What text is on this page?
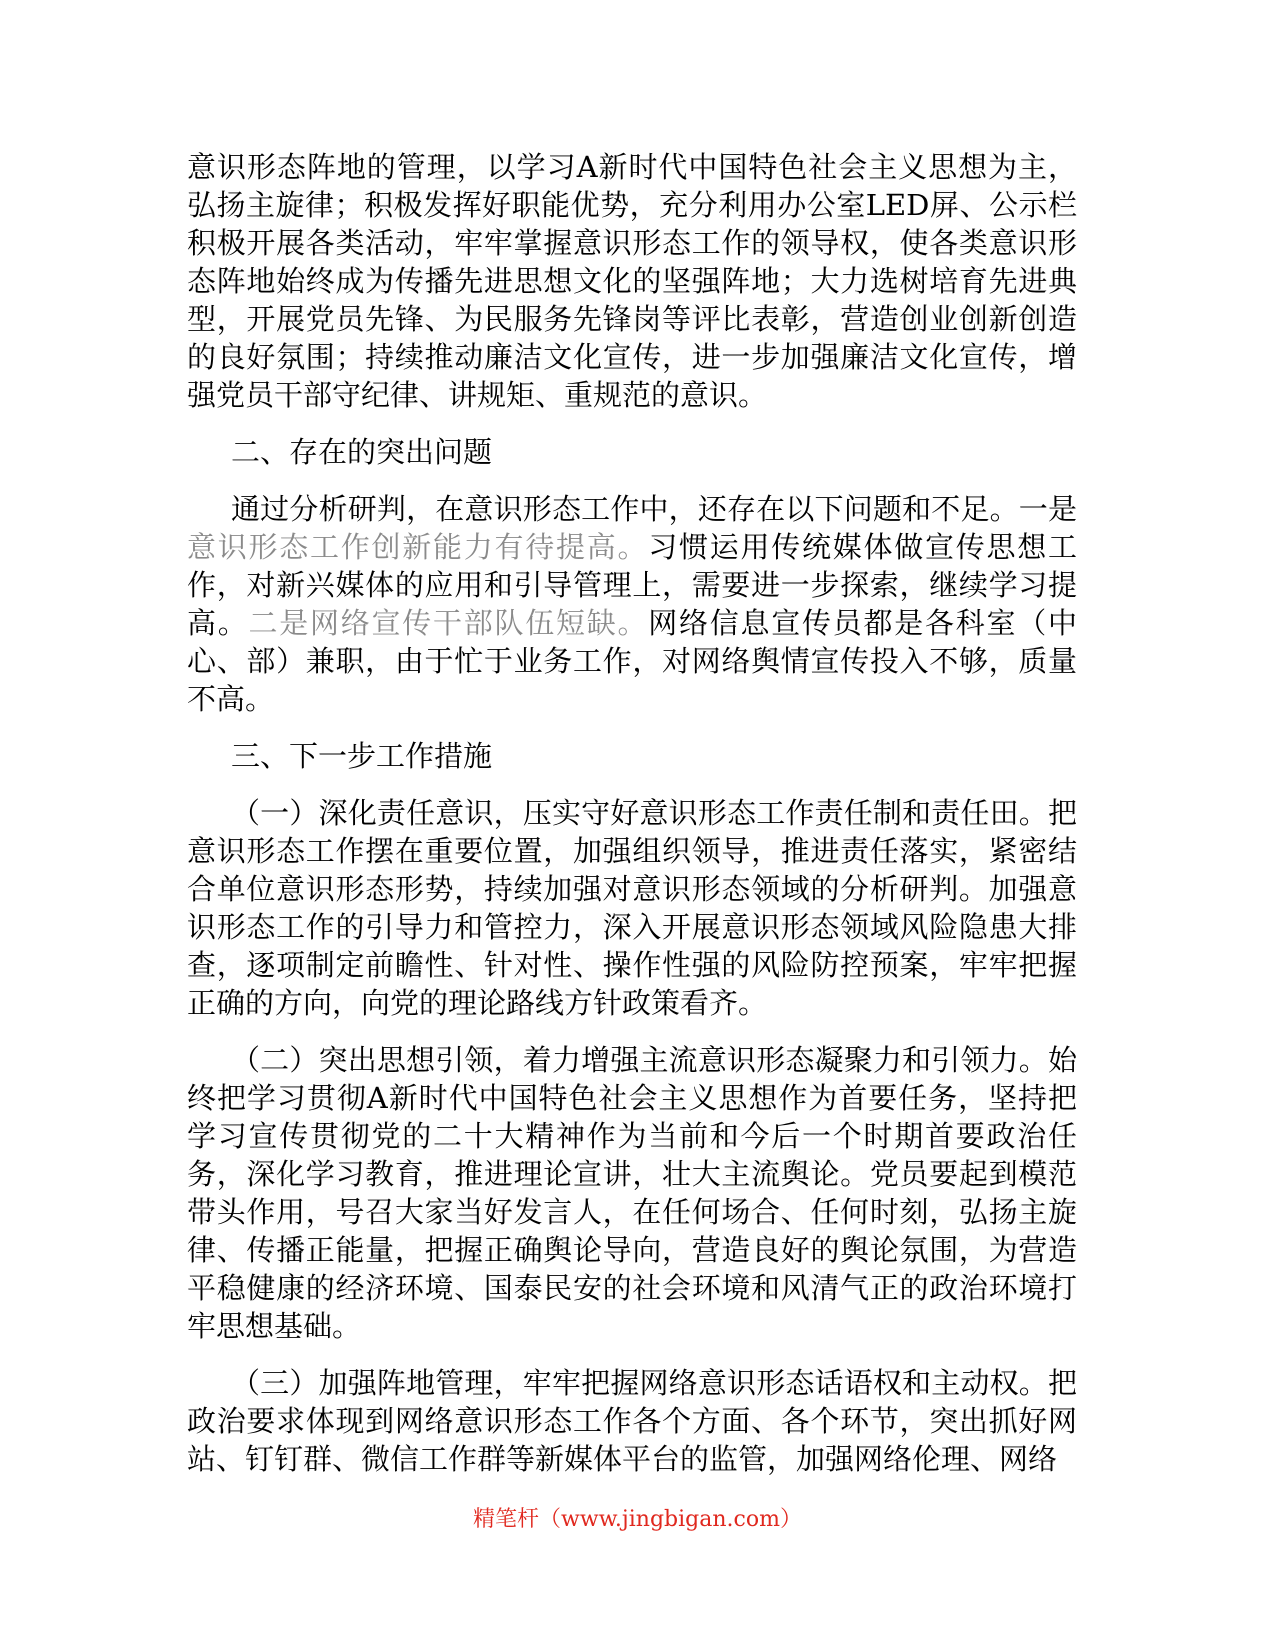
意识形态阵地的管理，以学习A新时代中国特色社会主义思想为主，弘扬主旋律；积极发挥好职能优势，充分利用办公室LED屏、公示栏积极开展各类活动，牢牢掌握意识形态工作的领导权，使各类意识形态阵地始终成为传播先进思想文化的坚强阵地；大力选树培育先进典型，开展党员先锋、为民服务先锋岗等评比表彰，营造创业创新创造的良好氛围；持续推动廉洁文化宣传，进一步加强廉洁文化宣传，增强党员干部守纪律、讲规矩、重规范的意识。

二、存在的突出问题

通过分析研判，在意识形态工作中，还存在以下问题和不足。一是意识形态工作创新能力有待提高。习惯运用传统媒体做宣传思想工作，对新兴媒体的应用和引导管理上，需要进一步探索，继续学习提高。二是网络宣传干部队伍短缺。网络信息宣传员都是各科室（中心、部）兼职，由于忙于业务工作，对网络舆情宣传投入不够，质量不高。

三、下一步工作措施

（一）深化责任意识，压实守好意识形态工作责任制和责任田。把意识形态工作摆在重要位置，加强组织领导，推进责任落实，紧密结合单位意识形态形势，持续加强对意识形态领域的分析研判。加强意识形态工作的引导力和管控力，深入开展意识形态领域风险隐患大排查，逐项制定前瞻性、针对性、操作性强的风险防控预案，牢牢把握正确的方向，向党的理论路线方针政策看齐。

（二）突出思想引领，着力增强主流意识形态凝聚力和引领力。始终把学习贯彻A新时代中国特色社会主义思想作为首要任务，坚持把学习宣传贯彻党的二十大精神作为当前和今后一个时期首要政治任务，深化学习教育，推进理论宣讲，壮大主流舆论。党员要起到模范带头作用，号召大家当好发言人，在任何场合、任何时刻，弘扬主旋律、传播正能量，把握正确舆论导向，营造良好的舆论氛围，为营造平稳健康的经济环境、国泰民安的社会环境和风清气正的政治环境打牢思想基础。

（三）加强阵地管理，牢牢把握网络意识形态话语权和主动权。把政治要求体现到网络意识形态工作各个方面、各个环节，突出抓好网站、钉钉群、微信工作群等新媒体平台的监管，加强网络伦理、网络

精笔杆（www.jingbigan.com）
